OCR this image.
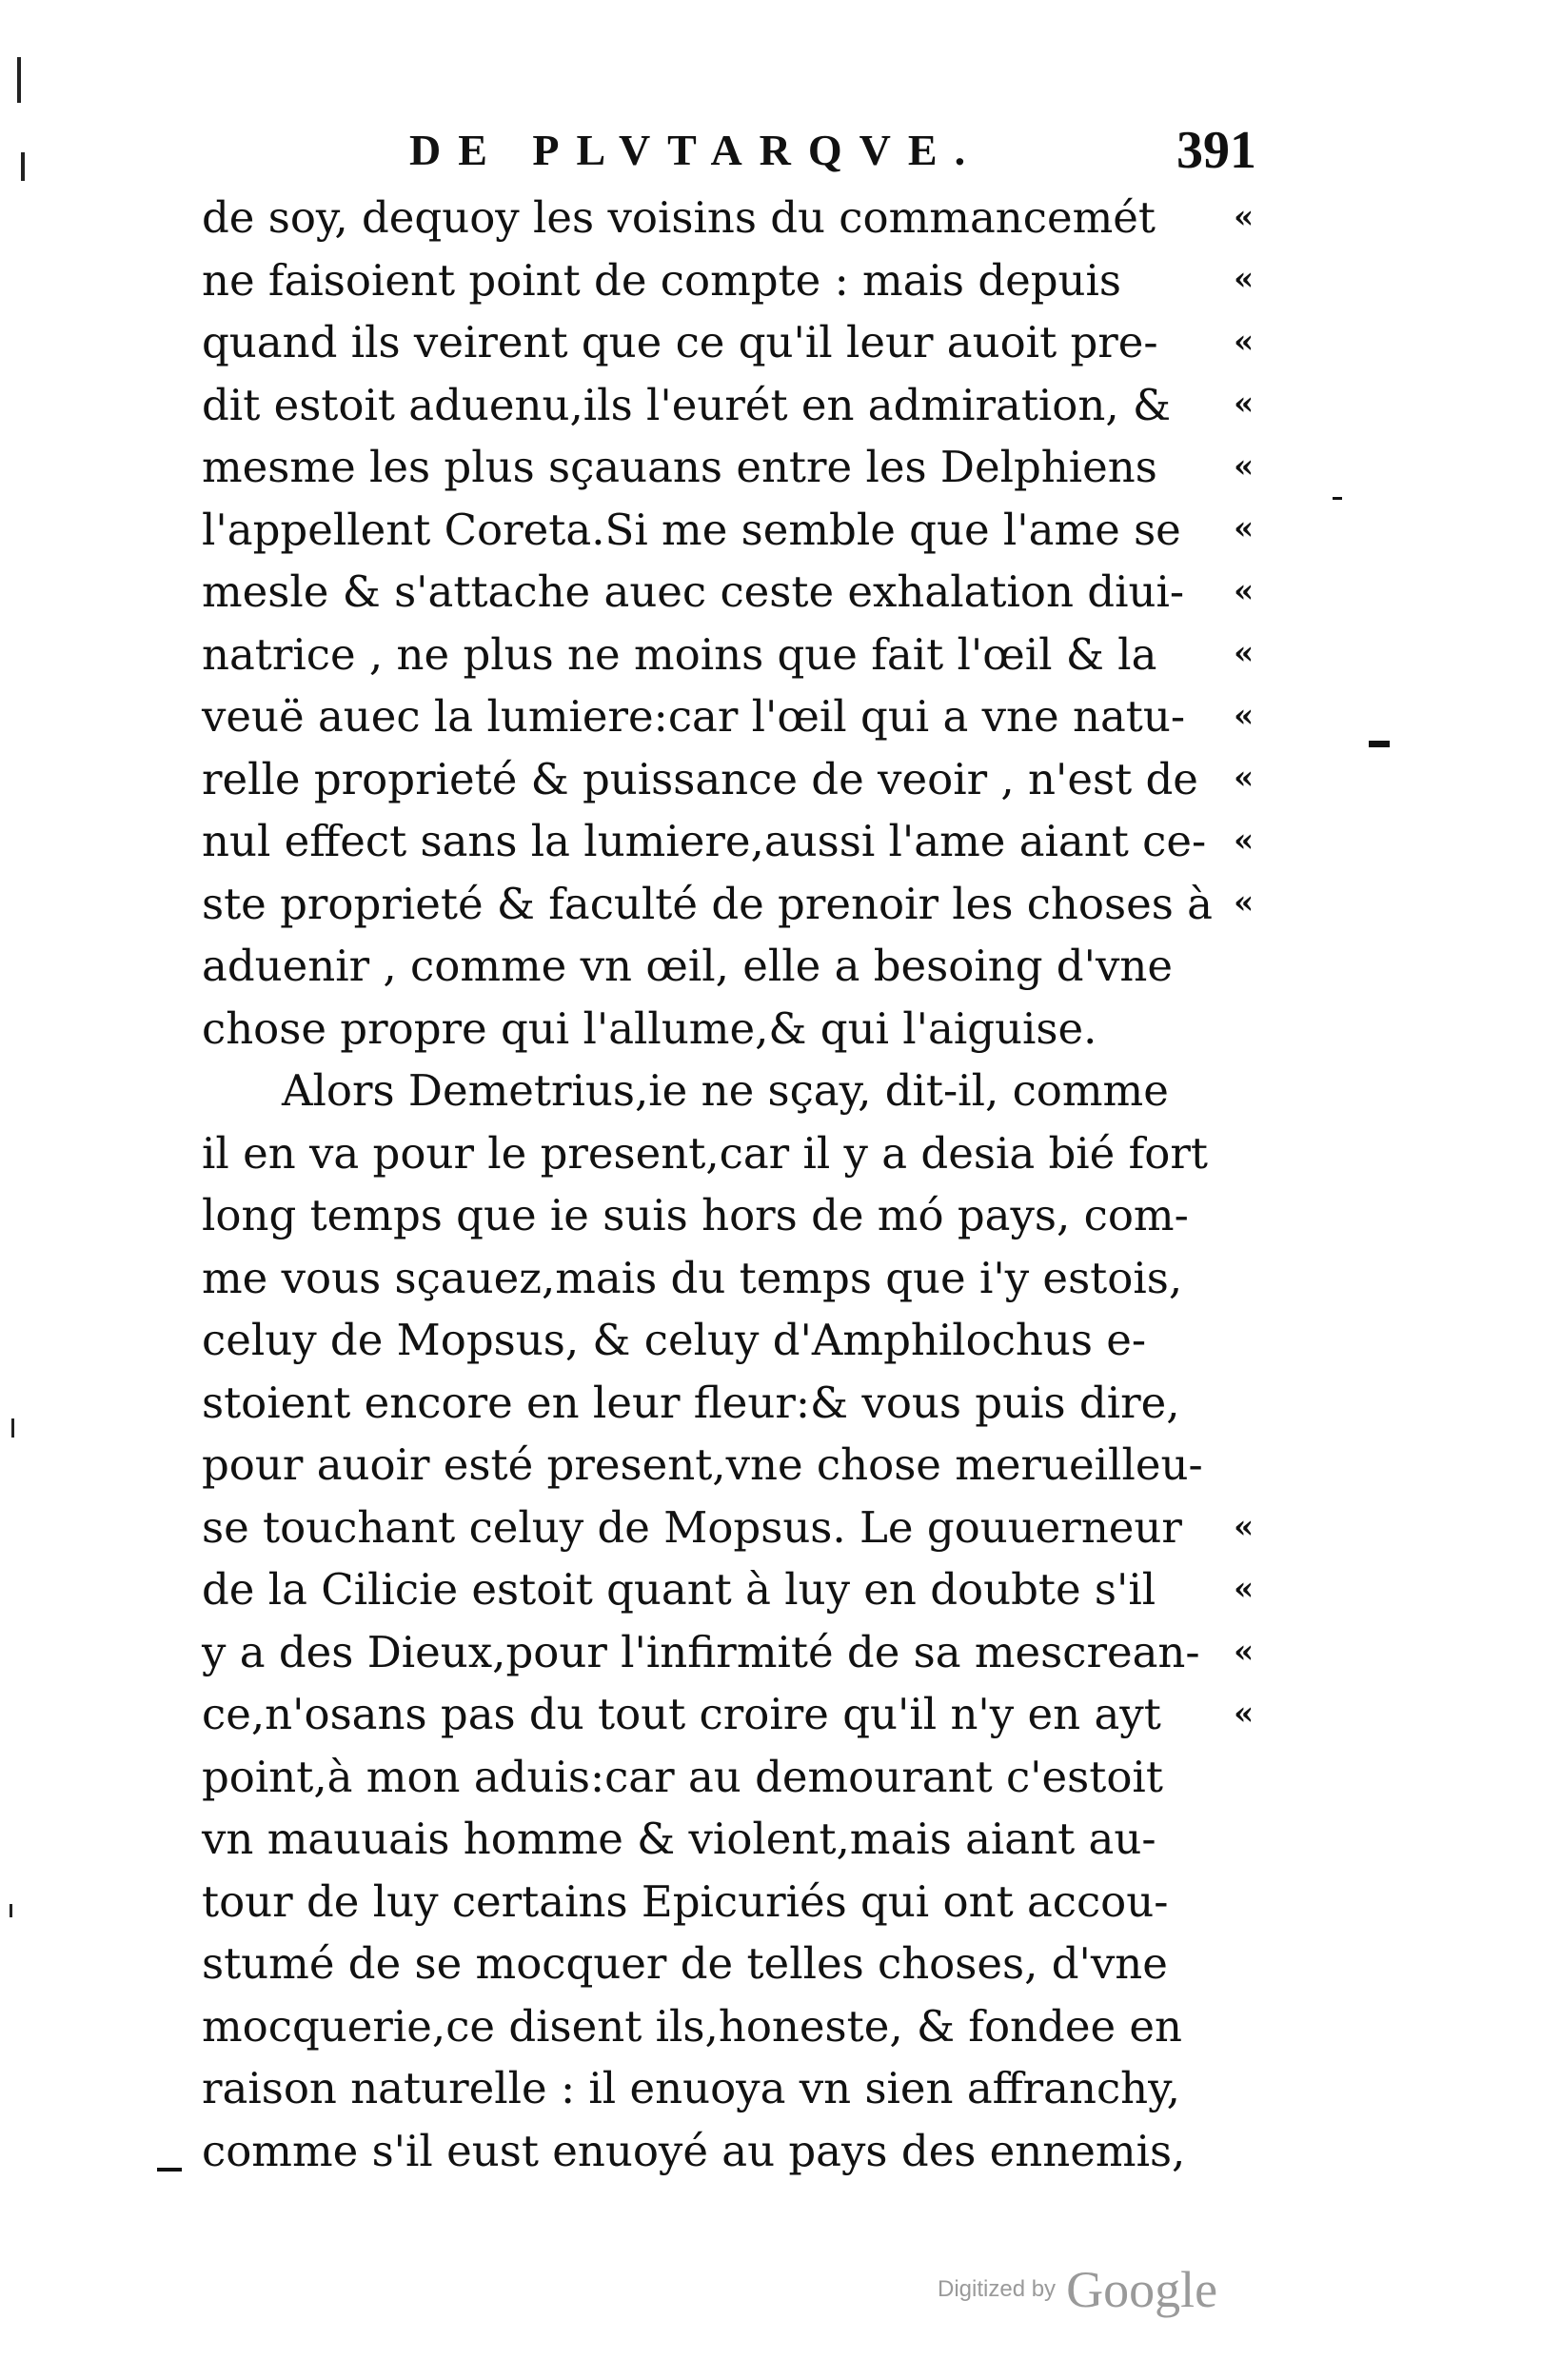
DE PLVTARQVE.	391
de soy, dequoy les voisins du commancemét
ne faisoient point de compte : mais depuis
quand ils veirent que ce qu'il leur auoit pre-
dit estoit aduenu,ils l'eurét en admiration, &
mesme les plus sçauans entre les Delphiens
l'appellent Coreta.Si me semble que l'ame se
mesle & s'attache auec ceste exhalation diui-
natrice , ne plus ne moins que fait l'œil & la
veuë auec la lumiere:car l'œil qui a vne natu-
relle proprieté & puissance de veoir , n'est de
nul effect sans la lumiere,aussi l'ame aiant ce-
ste proprieté & faculté de prenoir les choses à
aduenir , comme vn œil, elle a besoing d'vne
chose propre qui l'allume,& qui l'aiguise.
Alors Demetrius,ie ne sçay, dit-il, comme
il en va pour le present,car il y a desia bié fort
long temps que ie suis hors de mó pays, com-
me vous sçauez,mais du temps que i'y estois,
celuy de Mopsus, & celuy d'Amphilochus e-
stoient encore en leur fleur:& vous puis dire,
pour auoir esté present,vne chose merueilleu-
se touchant celuy de Mopsus. Le gouuerneur
de la Cilicie estoit quant à luy en doubte s'il
y a des Dieux,pour l'infirmité de sa mescrean-
ce,n'osans pas du tout croire qu'il n'y en ayt
point,à mon aduis:car au demourant c'estoit
vn mauuais homme & violent,mais aiant au-
tour de luy certains Epicuriés qui ont accou-
stumé de se mocquer de telles choses, d'vne
mocquerie,ce disent ils,honeste, & fondee en
raison naturelle : il enuoya vn sien affranchy,
comme s'il eust enuoyé au pays des ennemis,
«
«
«
«
«
«
«
«
«
«
«
«
«
«
«
«
Digitized by Google
